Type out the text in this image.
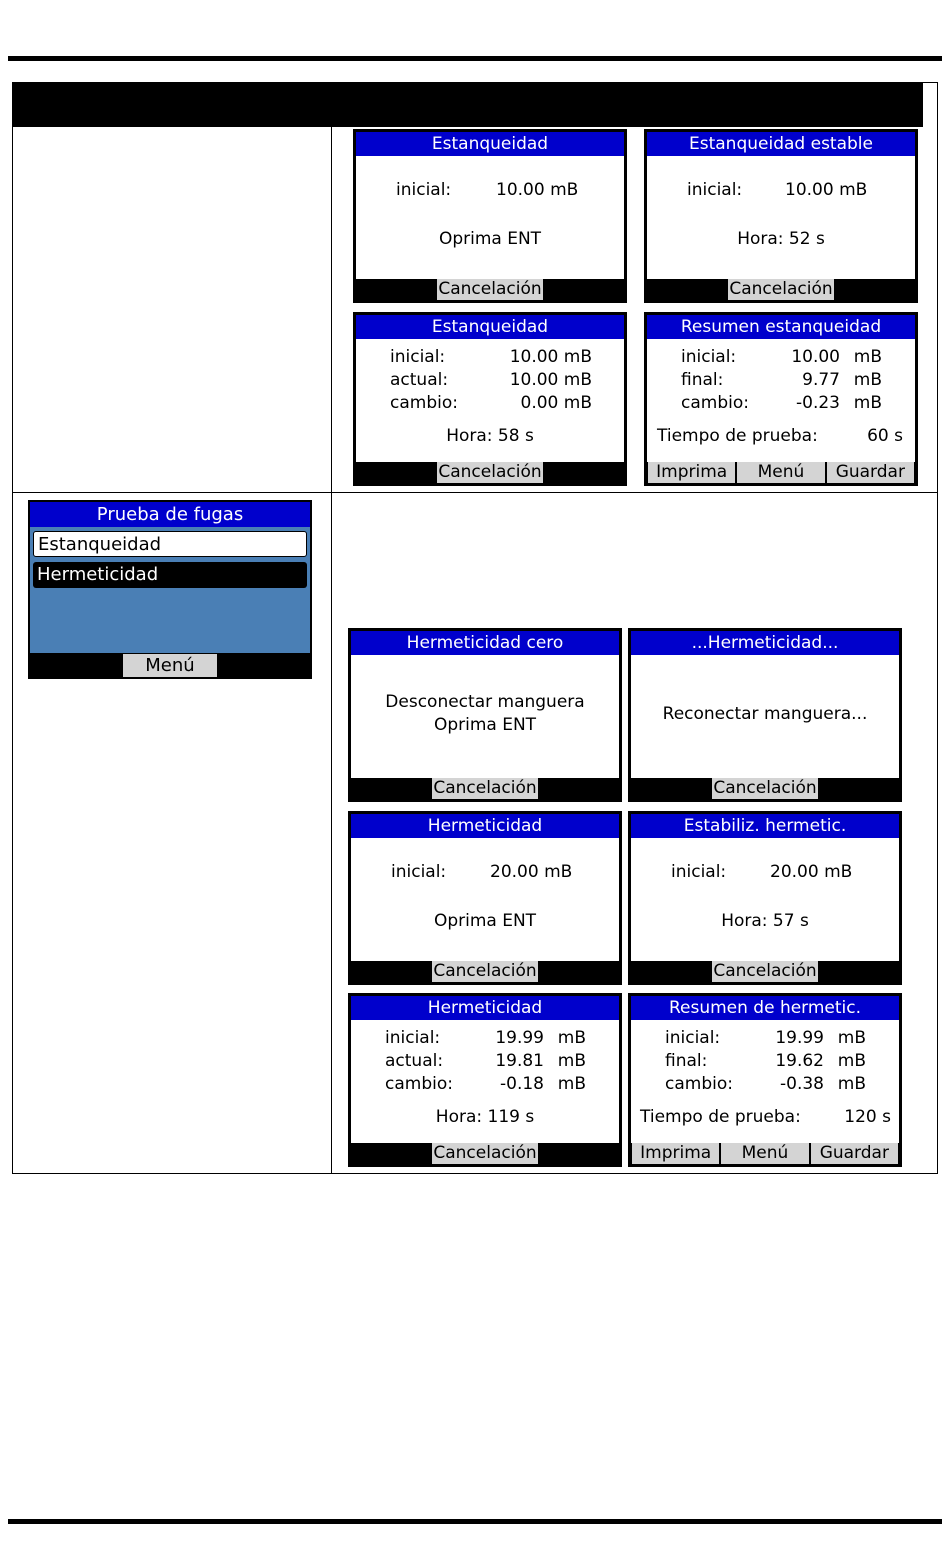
Prueba de fugas
Estanqueidad
Hermeticidad
Menú
Estanqueidad
inicial:	10.00 mB
Oprima ENT
Cancelación
Estanqueidad estable
inicial:	10.00 mB
Hora: 52 s
Cancelación
Estanqueidad
inicial:	10.00 mB
actual:	10.00 mB
cambio:	0.00 mB
Hora: 58 s
Cancelación
Resumen estanqueidad
inicial:	10.00 mB
final:	9.77 mB
cambio:	-0.23 mB
Tiempo de prueba:	60 s
Imprima	Menú	Guardar
Hermeticidad cero
Desconectar manguera
Oprima ENT
Cancelación
...Hermeticidad...
Reconectar manguera...
Cancelación
Hermeticidad
inicial:	20.00 mB
Oprima ENT
Cancelación
Estabiliz. hermetic.
inicial:	20.00 mB
Hora: 57 s
Cancelación
Hermeticidad
inicial:	19.99 mB
actual:	19.81 mB
cambio:	-0.18 mB
Hora: 119 s
Cancelación
Resumen de hermetic.
inicial:	19.99 mB
final:	19.62 mB
cambio:	-0.38 mB
Tiempo de prueba:	120 s
Imprima	Menú	Guardar
